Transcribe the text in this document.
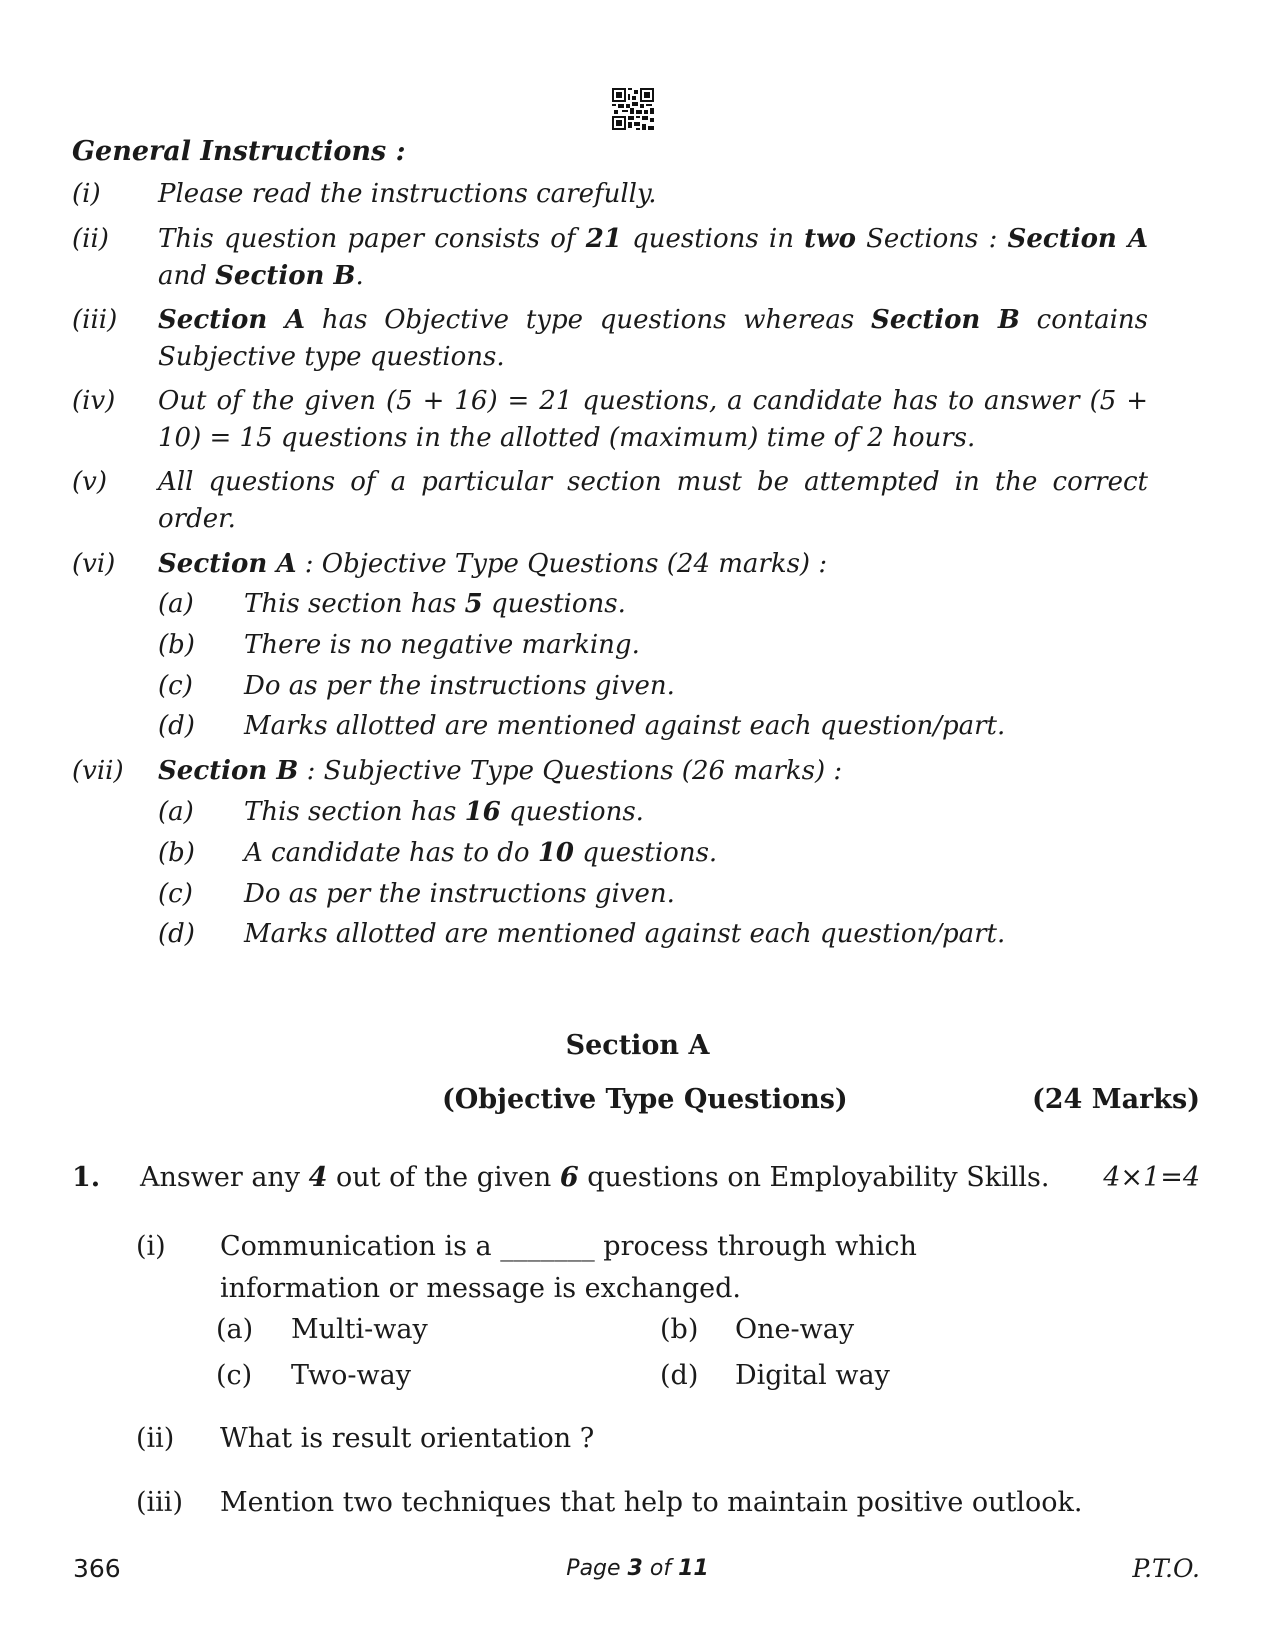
General Instructions :
(i) Please read the instructions carefully.
(ii) This question paper consists of 21 questions in two Sections : Section A and Section B.
(iii) Section A has Objective type questions whereas Section B contains Subjective type questions.
(iv) Out of the given (5 + 16) = 21 questions, a candidate has to answer (5 + 10) = 15 questions in the allotted (maximum) time of 2 hours.
(v) All questions of a particular section must be attempted in the correct order.
(vi) Section A : Objective Type Questions (24 marks) :
(a) This section has 5 questions.
(b) There is no negative marking.
(c) Do as per the instructions given.
(d) Marks allotted are mentioned against each question/part.
(vii) Section B : Subjective Type Questions (26 marks) :
(a) This section has 16 questions.
(b) A candidate has to do 10 questions.
(c) Do as per the instructions given.
(d) Marks allotted are mentioned against each question/part.
Section A
(Objective Type Questions)	(24 Marks)
1. Answer any 4 out of the given 6 questions on Employability Skills. 4×1=4
(i) Communication is a _______ process through which information or message is exchanged.
(a) Multi-way	(b) One-way
(c) Two-way	(d) Digital way
(ii) What is result orientation ?
(iii) Mention two techniques that help to maintain positive outlook.
366	Page 3 of 11	P.T.O.
